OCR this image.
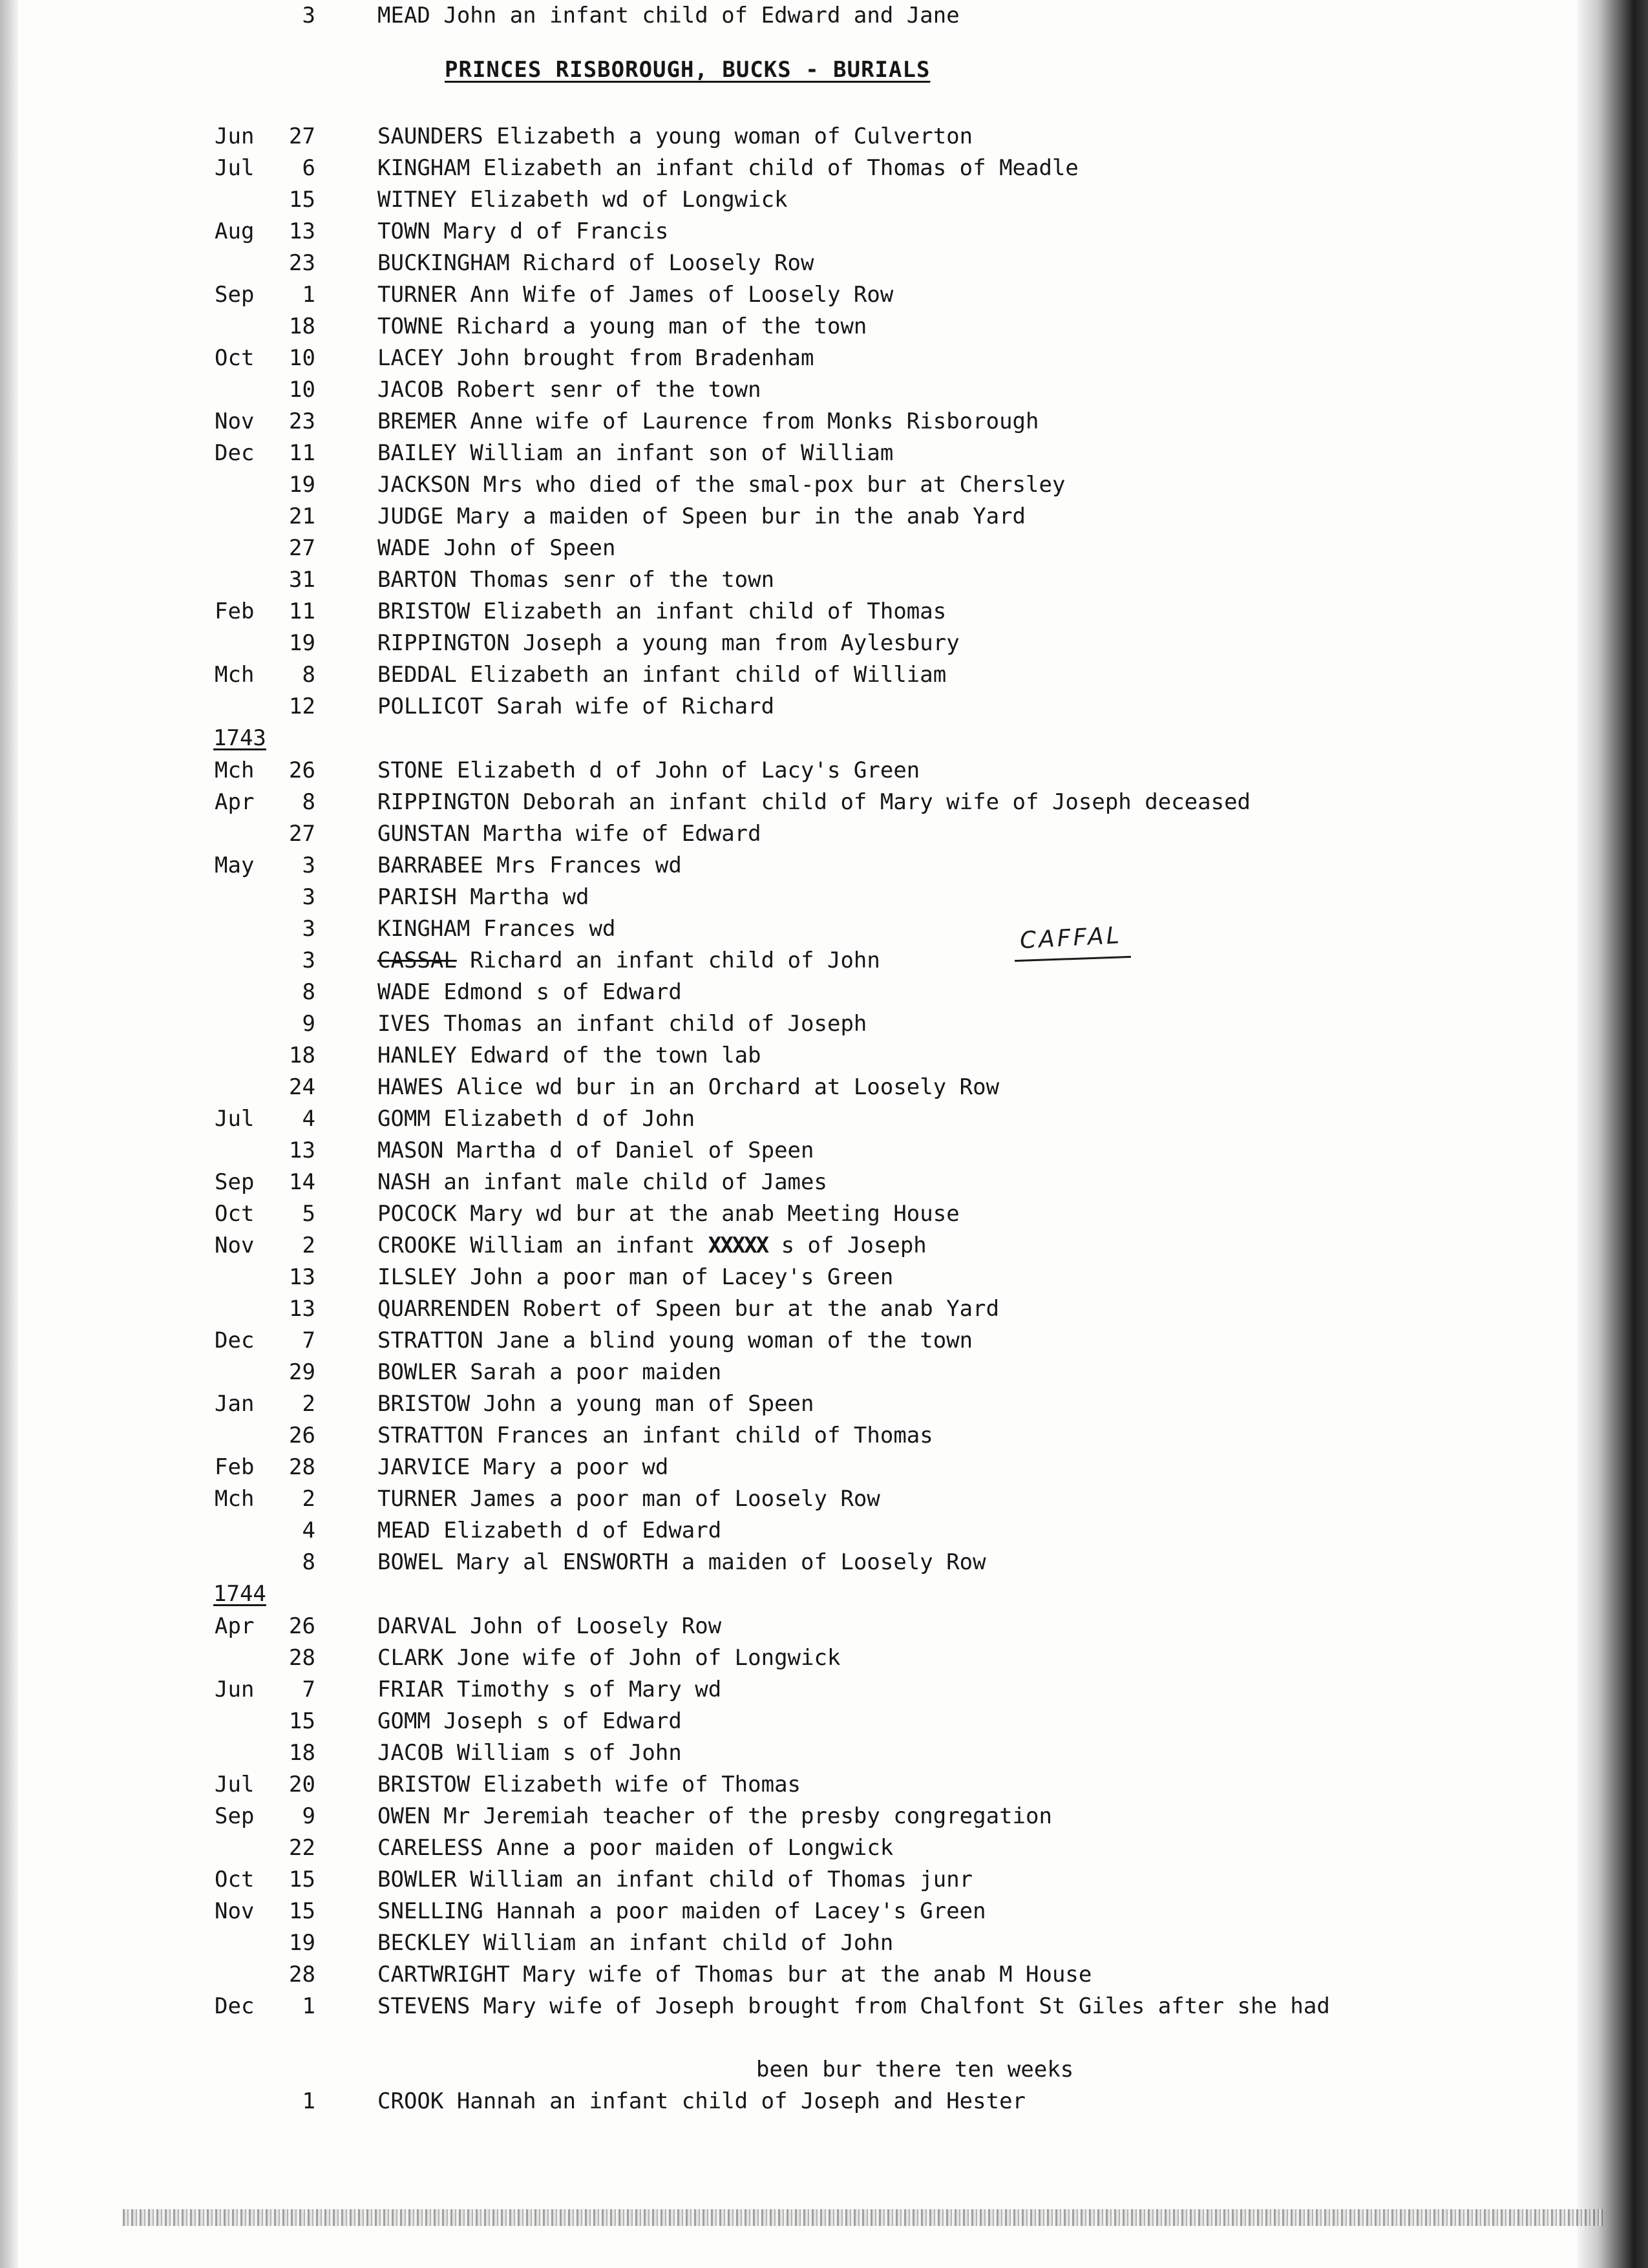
PRINCES RISBOROUGH, BUCKS - BURIALS
Jun	27	SAUNDERS Elizabeth a young woman of Culverton
Jul	6	KINGHAM Elizabeth an infant child of Thomas of Meadle
15	WITNEY Elizabeth wd of Longwick
Aug	13	TOWN Mary d of Francis
23	BUCKINGHAM Richard of Loosely Row
Sep	1	TURNER Ann Wife of James of Loosely Row
18	TOWNE Richard a young man of the town
Oct	10	LACEY John brought from Bradenham
10	JACOB Robert senr of the town
Nov	23	BREMER Anne wife of Laurence from Monks Risborough
Dec	11	BAILEY William an infant son of William
19	JACKSON Mrs who died of the smal-pox bur at Chersley
21	JUDGE Mary a maiden of Speen bur in the anab Yard
27	WADE John of Speen
31	BARTON Thomas senr of the town
Feb	11	BRISTOW Elizabeth an infant child of Thomas
19	RIPPINGTON Joseph a young man from Aylesbury
Mch	8	BEDDAL Elizabeth an infant child of William
12	POLLICOT Sarah wife of Richard
1743
Mch	26	STONE Elizabeth d of John of Lacy's Green
Apr	8	RIPPINGTON Deborah an infant child of Mary wife of Joseph deceased
27	GUNSTAN Martha wife of Edward
May	3	BARRABEE Mrs Frances wd
3	PARISH Martha wd
3	KINGHAM Frances wd
3	CASSAL Richard an infant child of John
8	WADE Edmond s of Edward
9	IVES Thomas an infant child of Joseph
18	HANLEY Edward of the town lab
24	HAWES Alice wd bur in an Orchard at Loosely Row
Jul	4	GOMM Elizabeth d of John
13	MASON Martha d of Daniel of Speen
Sep	14	NASH an infant male child of James
Oct	5	POCOCK Mary wd bur at the anab Meeting House
Nov	2	CROOKE William an infant XXXXX s of Joseph
13	ILSLEY John a poor man of Lacey's Green
13	QUARRENDEN Robert of Speen bur at the anab Yard
Dec	7	STRATTON Jane a blind young woman of the town
29	BOWLER Sarah a poor maiden
Jan	2	BRISTOW John a young man of Speen
26	STRATTON Frances an infant child of Thomas
Feb	28	JARVICE Mary a poor wd
Mch	2	TURNER James a poor man of Loosely Row
4	MEAD Elizabeth d of Edward
8	BOWEL Mary al ENSWORTH a maiden of Loosely Row
1744
Apr	26	DARVAL John of Loosely Row
28	CLARK Jone wife of John of Longwick
Jun	7	FRIAR Timothy s of Mary wd
15	GOMM Joseph s of Edward
18	JACOB William s of John
Jul	20	BRISTOW Elizabeth wife of Thomas
Sep	9	OWEN Mr Jeremiah teacher of the presby congregation
22	CARELESS Anne a poor maiden of Longwick
Oct	15	BOWLER William an infant child of Thomas junr
Nov	15	SNELLING Hannah a poor maiden of Lacey's Green
19	BECKLEY William an infant child of John
28	CARTWRIGHT Mary wife of Thomas bur at the anab M House
Dec	1	STEVENS Mary wife of Joseph brought from Chalfont St Giles after she had
been bur there ten weeks
1	CROOK Hannah an infant child of Joseph and Hester
3	MEAD John an infant child of Edward and Jane
CAFFAL
